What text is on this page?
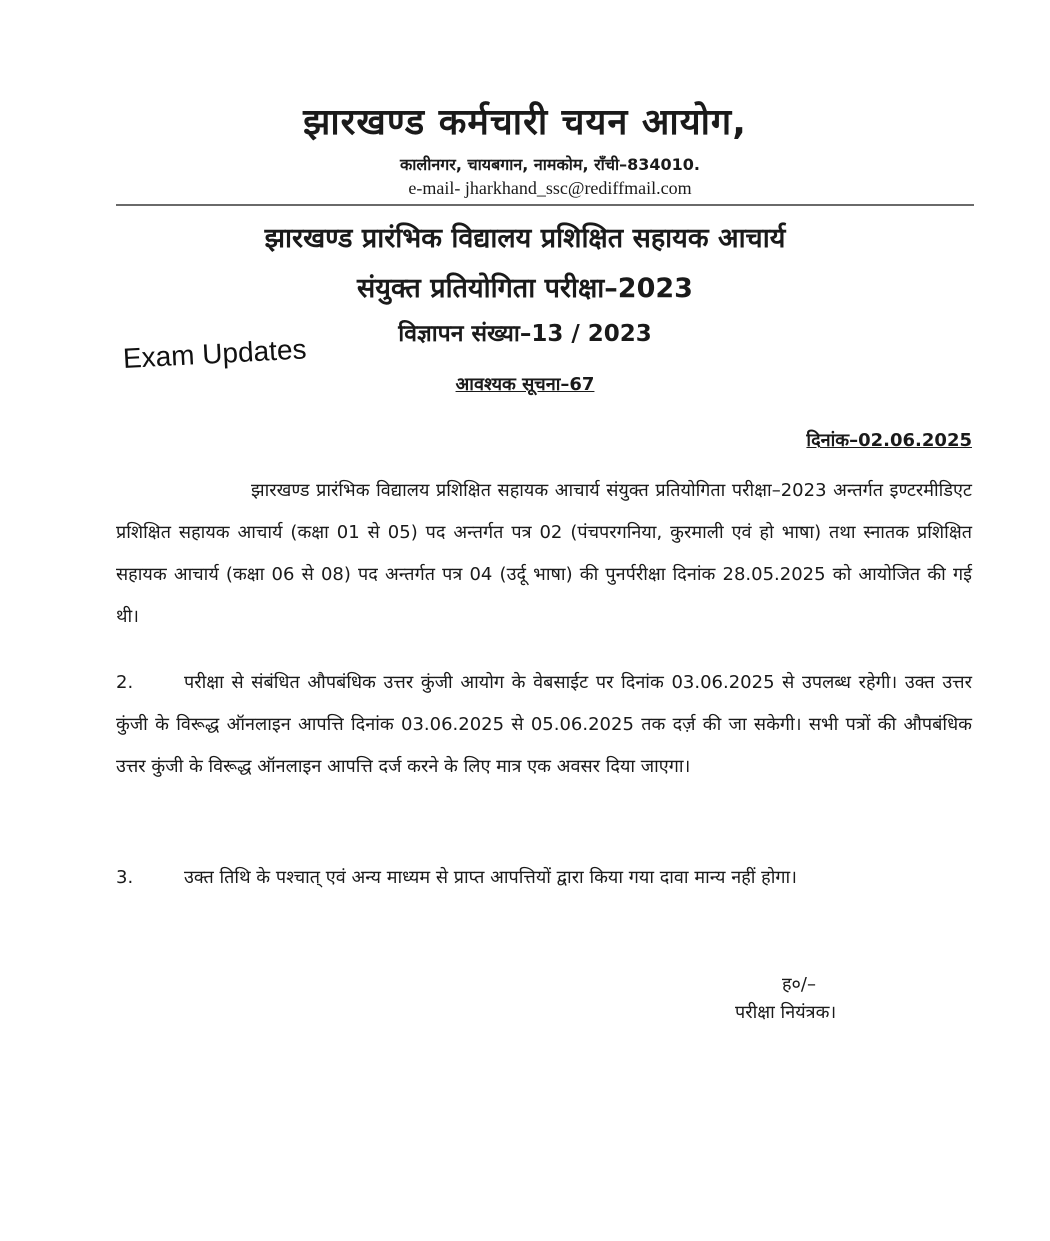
झारखण्ड कर्मचारी चयन आयोग,
कालीनगर, चायबगान, नामकोम, राँची–834010.
e-mail- jharkhand_ssc@rediffmail.com
झारखण्ड प्रारंभिक विद्यालय प्रशिक्षित सहायक आचार्य
संयुक्त प्रतियोगिता परीक्षा–2023
विज्ञापन संख्या–13 / 2023
Exam Updates
आवश्यक सूचना–67
दिनांक–02.06.2025
झारखण्ड प्रारंभिक विद्यालय प्रशिक्षित सहायक आचार्य संयुक्त प्रतियोगिता परीक्षा–2023 अन्तर्गत इण्टरमीडिएट प्रशिक्षित सहायक आचार्य (कक्षा 01 से 05) पद अन्तर्गत पत्र 02 (पंचपरगनिया, कुरमाली एवं हो भाषा) तथा स्नातक प्रशिक्षित सहायक आचार्य (कक्षा 06 से 08) पद अन्तर्गत पत्र 04 (उर्दू भाषा) की पुनर्परीक्षा दिनांक 28.05.2025 को आयोजित की गई थी।
2.	परीक्षा से संबंधित औपबंधिक उत्तर कुंजी आयोग के वेबसाईट पर दिनांक 03.06.2025 से उपलब्ध रहेगी। उक्त उत्तर कुंजी के विरूद्ध ऑनलाइन आपत्ति दिनांक 03.06.2025 से 05.06.2025 तक दर्ज़ की जा सकेगी। सभी पत्रों की औपबंधिक उत्तर कुंजी के विरूद्ध ऑनलाइन आपत्ति दर्ज करने के लिए मात्र एक अवसर दिया जाएगा।
3.	उक्त तिथि के पश्चात् एवं अन्य माध्यम से प्राप्त आपत्तियों द्वारा किया गया दावा मान्य नहीं होगा।
ह०/–
परीक्षा नियंत्रक।
